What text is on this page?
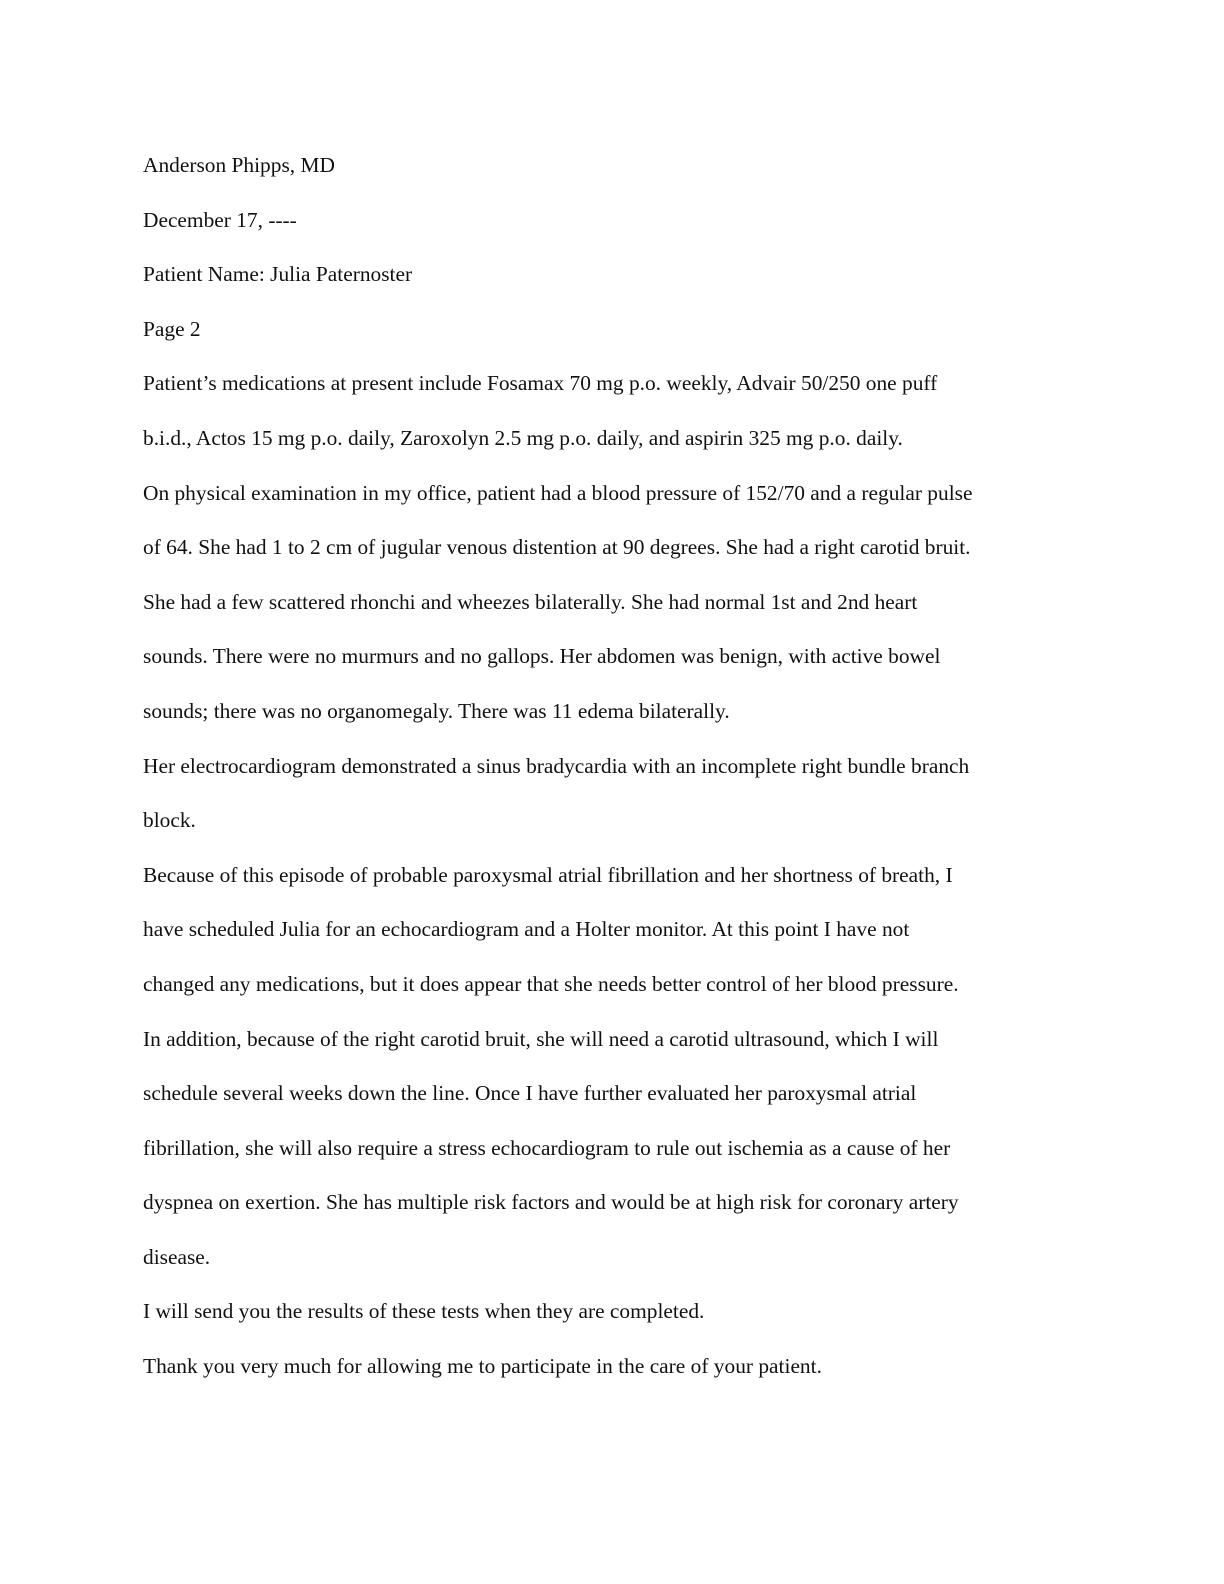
Anderson Phipps, MD

December 17, ----

Patient Name: Julia Paternoster

Page 2

Patient’s medications at present include Fosamax 70 mg p.o. weekly, Advair 50/250 one puff

b.i.d., Actos 15 mg p.o. daily, Zaroxolyn 2.5 mg p.o. daily, and aspirin 325 mg p.o. daily.

On physical examination in my office, patient had a blood pressure of 152/70 and a regular pulse

of 64. She had 1 to 2 cm of jugular venous distention at 90 degrees. She had a right carotid bruit.

She had a few scattered rhonchi and wheezes bilaterally. She had normal 1st and 2nd heart

sounds. There were no murmurs and no gallops. Her abdomen was benign, with active bowel

sounds; there was no organomegaly. There was 11 edema bilaterally.

Her electrocardiogram demonstrated a sinus bradycardia with an incomplete right bundle branch

block.

Because of this episode of probable paroxysmal atrial fibrillation and her shortness of breath, I

have scheduled Julia for an echocardiogram and a Holter monitor. At this point I have not

changed any medications, but it does appear that she needs better control of her blood pressure.

In addition, because of the right carotid bruit, she will need a carotid ultrasound, which I will

schedule several weeks down the line. Once I have further evaluated her paroxysmal atrial

fibrillation, she will also require a stress echocardiogram to rule out ischemia as a cause of her

dyspnea on exertion. She has multiple risk factors and would be at high risk for coronary artery

disease.

I will send you the results of these tests when they are completed.

Thank you very much for allowing me to participate in the care of your patient.
